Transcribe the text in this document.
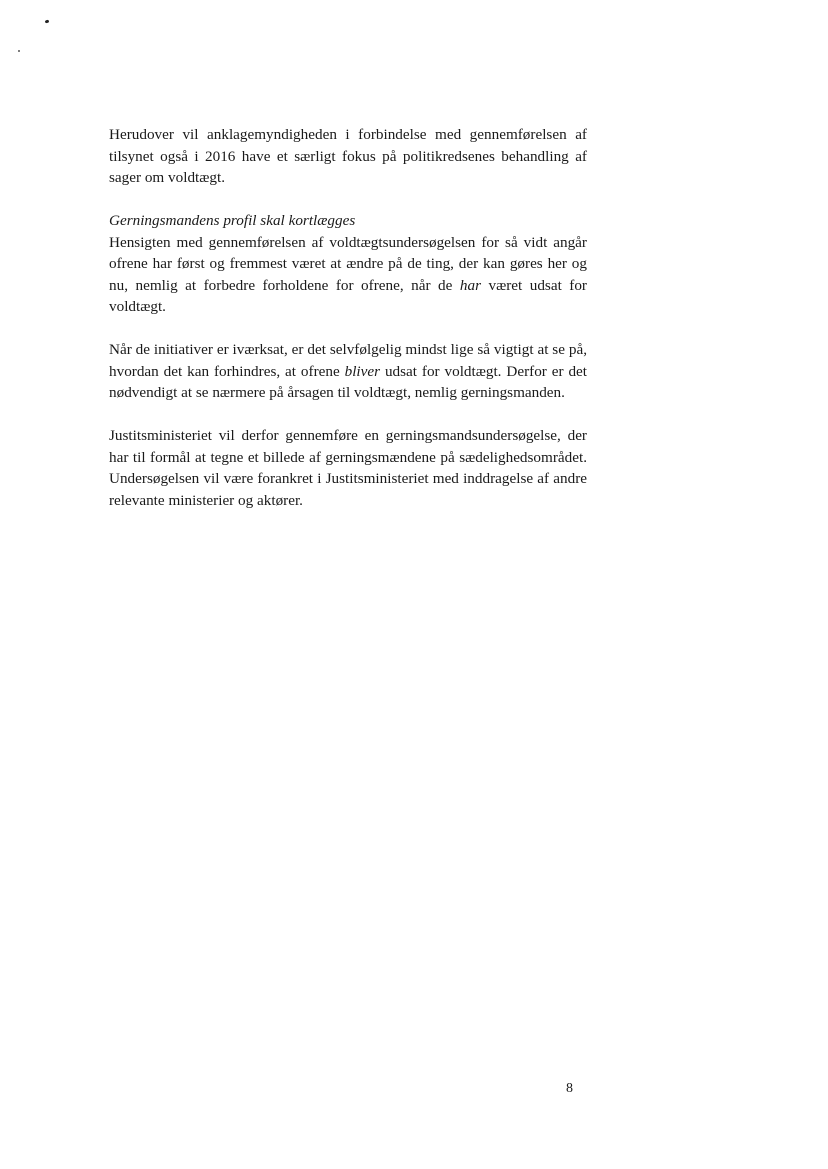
Herudover vil anklagemyndigheden i forbindelse med gennemførelsen af tilsynet også i 2016 have et særligt fokus på politikredsenes behandling af sager om voldtægt.

Gerningsmandens profil skal kortlægges

Hensigten med gennemførelsen af voldtægtsundersøgelsen for så vidt angår ofrene har først og fremmest været at ændre på de ting, der kan gøres her og nu, nemlig at forbedre forholdene for ofrene, når de har været udsat for voldtægt.

Når de initiativer er iværksat, er det selvfølgelig mindst lige så vigtigt at se på, hvordan det kan forhindres, at ofrene bliver udsat for voldtægt. Derfor er det nødvendigt at se nærmere på årsagen til voldtægt, nemlig gerningsmanden.

Justitsministeriet vil derfor gennemføre en gerningsmandsundersøgelse, der har til formål at tegne et billede af gerningsmændene på sædelighedsområdet. Undersøgelsen vil være forankret i Justitsministeriet med inddragelse af andre relevante ministerier og aktører.

8
